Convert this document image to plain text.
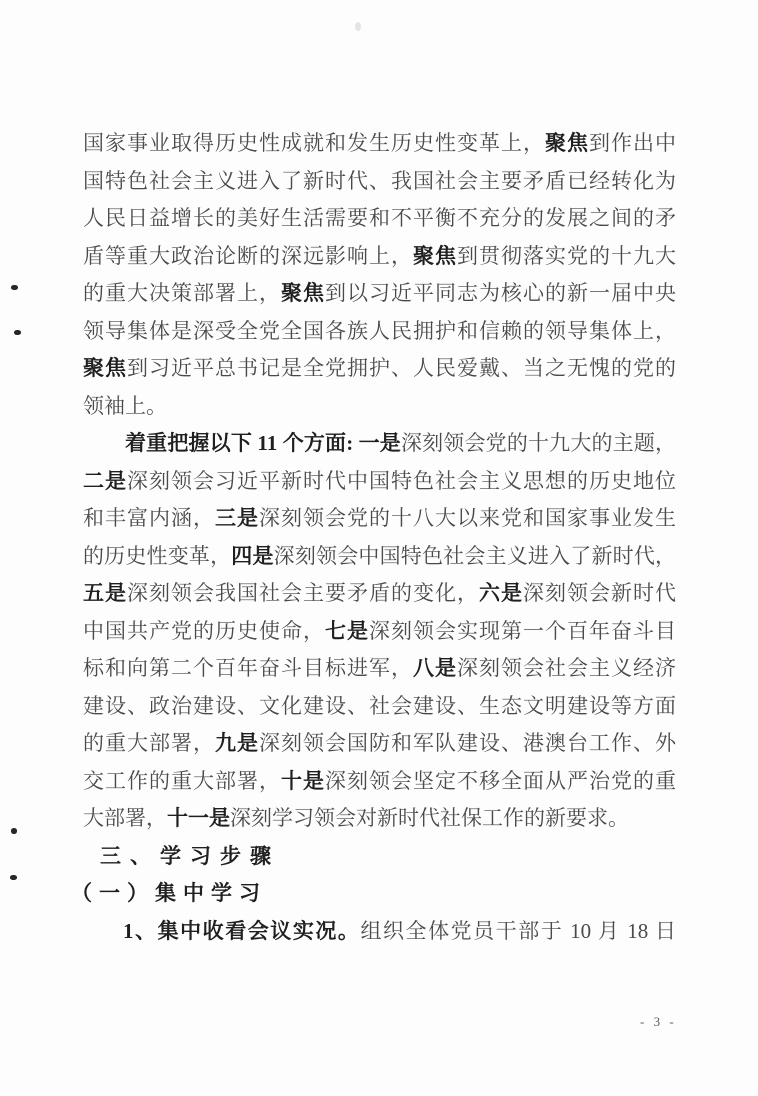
国家事业取得历史性成就和发生历史性变革上，聚焦到作出中
国特色社会主义进入了新时代、我国社会主要矛盾已经转化为
人民日益增长的美好生活需要和不平衡不充分的发展之间的矛
盾等重大政治论断的深远影响上，聚焦到贯彻落实党的十九大
的重大决策部署上，聚焦到以习近平同志为核心的新一届中央
领导集体是深受全党全国各族人民拥护和信赖的领导集体上，
聚焦到习近平总书记是全党拥护、人民爱戴、当之无愧的党的
领袖上。
着重把握以下 11 个方面: 一是深刻领会党的十九大的主题，
二是深刻领会习近平新时代中国特色社会主义思想的历史地位
和丰富内涵，三是深刻领会党的十八大以来党和国家事业发生
的历史性变革，四是深刻领会中国特色社会主义进入了新时代，
五是深刻领会我国社会主要矛盾的变化，六是深刻领会新时代
中国共产党的历史使命，七是深刻领会实现第一个百年奋斗目
标和向第二个百年奋斗目标进军，八是深刻领会社会主义经济
建设、政治建设、文化建设、社会建设、生态文明建设等方面
的重大部署，九是深刻领会国防和军队建设、港澳台工作、外
交工作的重大部署，十是深刻领会坚定不移全面从严治党的重
大部署，十一是深刻学习领会对新时代社保工作的新要求。
三、学习步骤
（一）集中学习
1、集中收看会议实况。组织全体党员干部于 10 月 18 日
- 3 -
